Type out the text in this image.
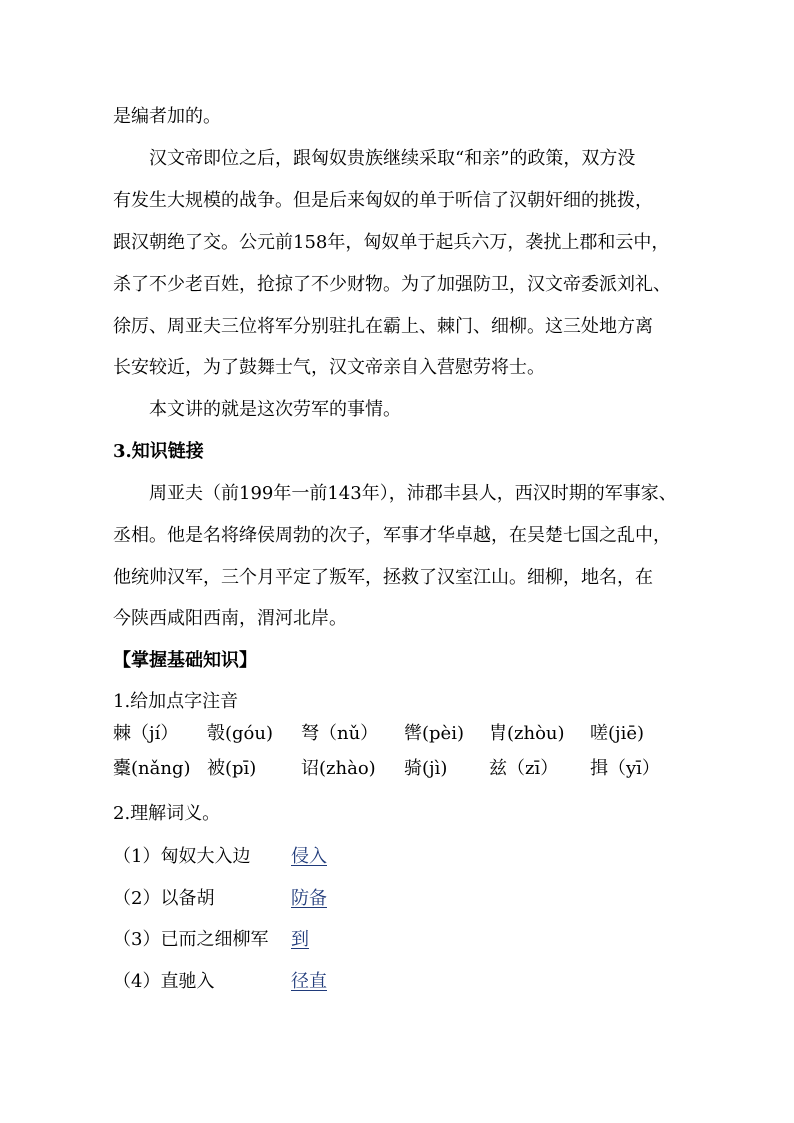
是编者加的。
汉文帝即位之后，跟匈奴贵族继续采取“和亲”的政策，双方没
有发生大规模的战争。但是后来匈奴的单于听信了汉朝奸细的挑拨，
跟汉朝绝了交。公元前158年，匈奴单于起兵六万，袭扰上郡和云中，
杀了不少老百姓，抢掠了不少财物。为了加强防卫，汉文帝委派刘礼、
徐厉、周亚夫三位将军分别驻扎在霸上、棘门、细柳。这三处地方离
长安较近，为了鼓舞士气，汉文帝亲自入营慰劳将士。
本文讲的就是这次劳军的事情。
3.知识链接
周亚夫（前199年一前143年），沛郡丰县人，西汉时期的军事家、
丞相。他是名将绛侯周勃的次子，军事才华卓越，在吴楚七国之乱中，
他统帅汉军，三个月平定了叛军，拯救了汉室江山。细柳，地名，在
今陕西咸阳西南，渭河北岸。
【掌握基础知识】
1.给加点字注音
棘（jí） 彀(góu) 弩（nǔ） 辔(pèi) 胄(zhòu) 嗟(jiē)
櫜(nǎng) 被(pī) 诏(zhào) 骑(jì) 兹（zī） 揖（yī）
2.理解词义。
（1）匈奴大入边 侵入
（2）以备胡	防备
（3）已而之细柳军 到
（4）直驰入	径直
